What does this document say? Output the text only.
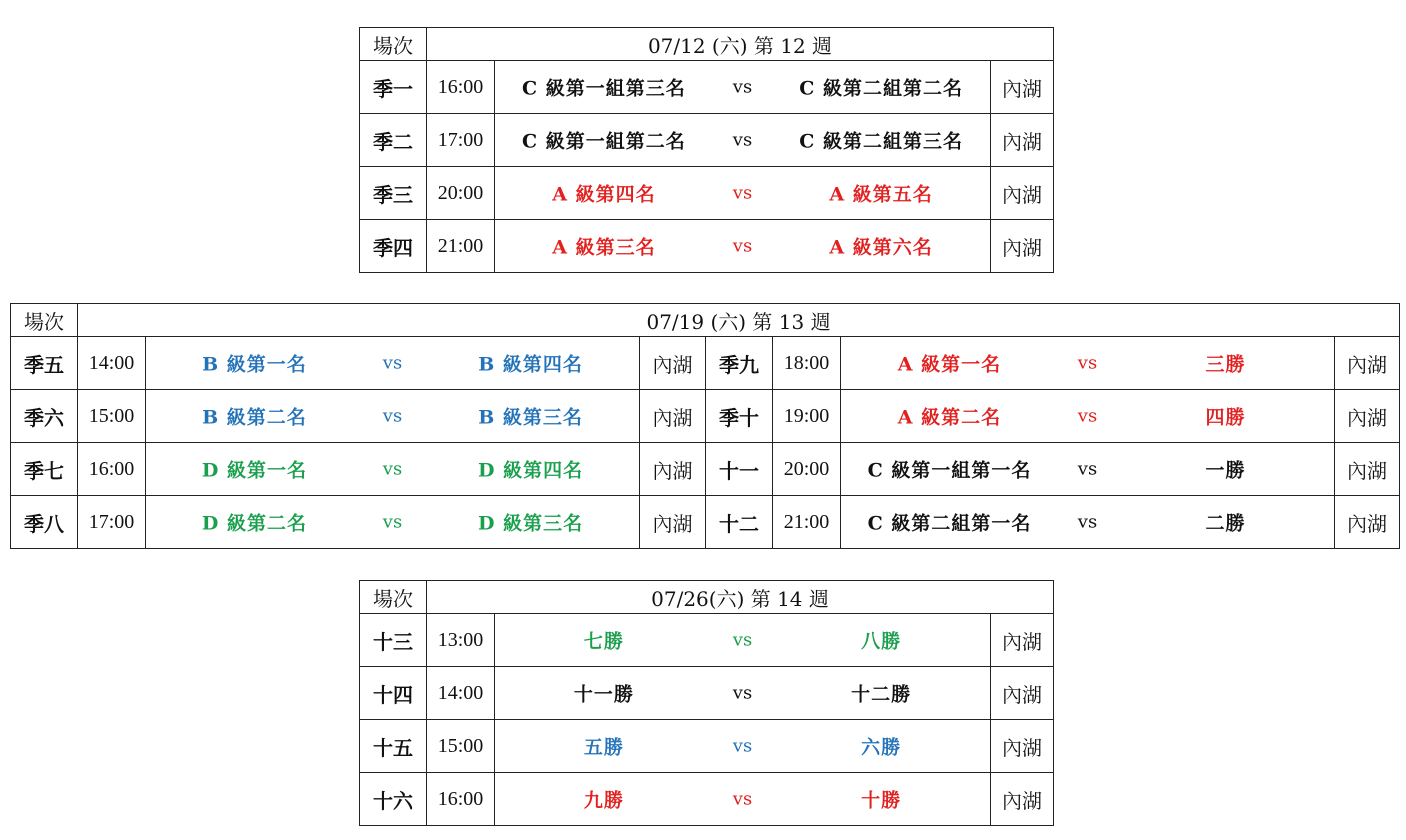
場次	07/12 (六) 第 12 週		
季一	16:00	C 級第一組第三名 vs C 級第二組第二名	內湖
季二	17:00	C 級第一組第二名 vs C 級第二組第三名	內湖
季三	20:00	A 級第四名 vs A 級第五名	內湖
季四	21:00	A 級第三名 vs A 級第六名	內湖
場次	07/19 (六) 第 13 週						
季五	14:00	B 級第一名 vs B 級第四名	內湖	季九	18:00	A 級第一名 vs 三勝	內湖
季六	15:00	B 級第二名 vs B 級第三名	內湖	季十	19:00	A 級第二名 vs 四勝	內湖
季七	16:00	D 級第一名 vs D 級第四名	內湖	十一	20:00	C 級第一組第一名 vs 一勝	內湖
季八	17:00	D 級第二名 vs D 級第三名	內湖	十二	21:00	C 級第二組第一名 vs 二勝	內湖
場次	07/26(六) 第 14 週		
十三	13:00	七勝 vs 八勝	內湖
十四	14:00	十一勝 vs 十二勝	內湖
十五	15:00	五勝 vs 六勝	內湖
十六	16:00	九勝 vs 十勝	內湖
